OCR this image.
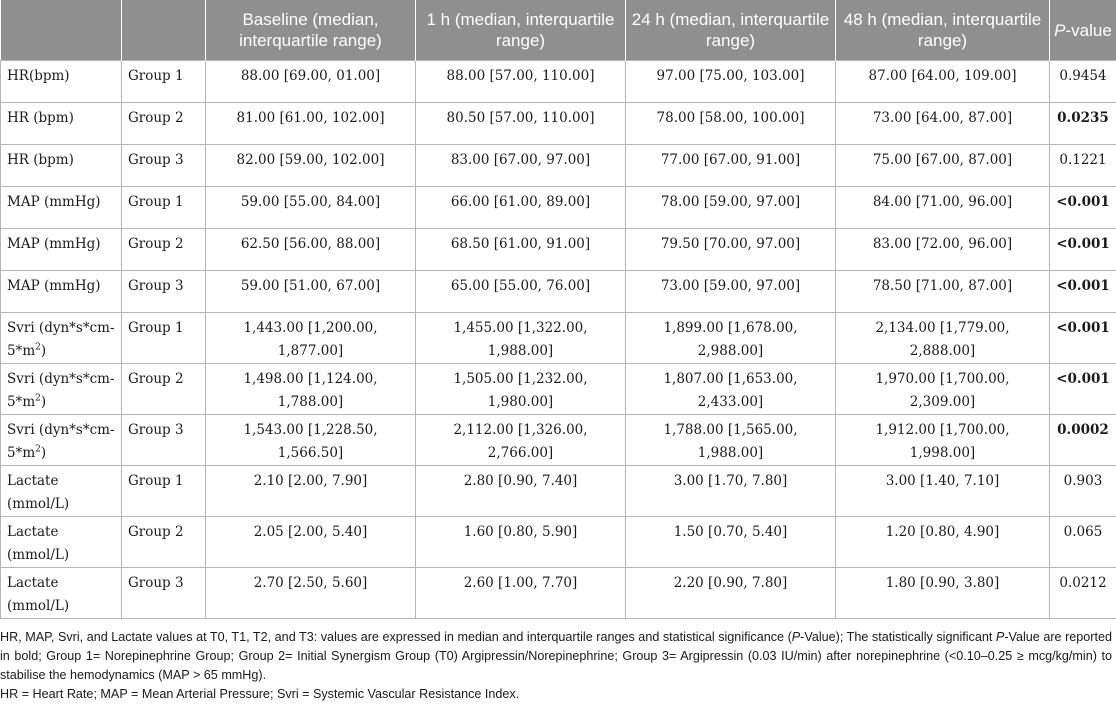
		Baseline (median, interquartile range)	1 h (median, interquartile range)	24 h (median, interquartile range)	48 h (median, interquartile range)	P-value
HR(bpm)	Group 1	88.00 [69.00, 01.00]	88.00 [57.00, 110.00]	97.00 [75.00, 103.00]	87.00 [64.00, 109.00]	0.9454
HR (bpm)	Group 2	81.00 [61.00, 102.00]	80.50 [57.00, 110.00]	78.00 [58.00, 100.00]	73.00 [64.00, 87.00]	0.0235
HR (bpm)	Group 3	82.00 [59.00, 102.00]	83.00 [67.00, 97.00]	77.00 [67.00, 91.00]	75.00 [67.00, 87.00]	0.1221
MAP (mmHg)	Group 1	59.00 [55.00, 84.00]	66.00 [61.00, 89.00]	78.00 [59.00, 97.00]	84.00 [71.00, 96.00]	<0.001
MAP (mmHg)	Group 2	62.50 [56.00, 88.00]	68.50 [61.00, 91.00]	79.50 [70.00, 97.00]	83.00 [72.00, 96.00]	<0.001
MAP (mmHg)	Group 3	59.00 [51.00, 67.00]	65.00 [55.00, 76.00]	73.00 [59.00, 97.00]	78.50 [71.00, 87.00]	<0.001
Svri $(dyn*s*cm-5*m^2)$	Group 1	1,443.00 [1,200.00, 1,877.00]	1,455.00 [1,322.00, 1,988.00]	1,899.00 [1,678.00, 2,988.00]	2,134.00 [1,779.00, 2,888.00]	<0.001
Svri $(dyn*s*cm-5*m^2)$	Group 2	1,498.00 [1,124.00, 1,788.00]	1,505.00 [1,232.00, 1,980.00]	1,807.00 [1,653.00, 2,433.00]	1,970.00 [1,700.00, 2,309.00]	<0.001
Svri $(dyn*s*cm-5*m^2)$	Group 3	1,543.00 [1,228.50, 1,566.50]	2,112.00 [1,326.00, 2,766.00]	1,788.00 [1,565.00, 1,988.00]	1,912.00 [1,700.00, 1,998.00]	0.0002
Lactate (mmol/L)	Group 1	2.10 [2.00, 7.90]	2.80 [0.90, 7.40]	3.00 [1.70, 7.80]	3.00 [1.40, 7.10]	0.903
Lactate (mmol/L)	Group 2	2.05 [2.00, 5.40]	1.60 [0.80, 5.90]	1.50 [0.70, 5.40]	1.20 [0.80, 4.90]	0.065
Lactate (mmol/L)	Group 3	2.70 [2.50, 5.60]	2.60 [1.00, 7.70]	2.20 [0.90, 7.80]	1.80 [0.90, 3.80]	0.0212

HR, MAP, Svri, and Lactate values at T0, T1, T2, and T3: values are expressed in median and interquartile ranges and statistical significance (P-Value); The statistically significant P-Value are reported in bold; Group 1= Norepinephrine Group; Group 2= Initial Synergism Group (T0) Argipressin/Norepinephrine; Group 3= Argipressin (0.03 IU/min) after norepinephrine (<0.10–0.25 ≥ mcg/kg/min) to stabilise the hemodynamics (MAP > 65 mmHg).

HR = Heart Rate; MAP = Mean Arterial Pressure; Svri = Systemic Vascular Resistance Index.
